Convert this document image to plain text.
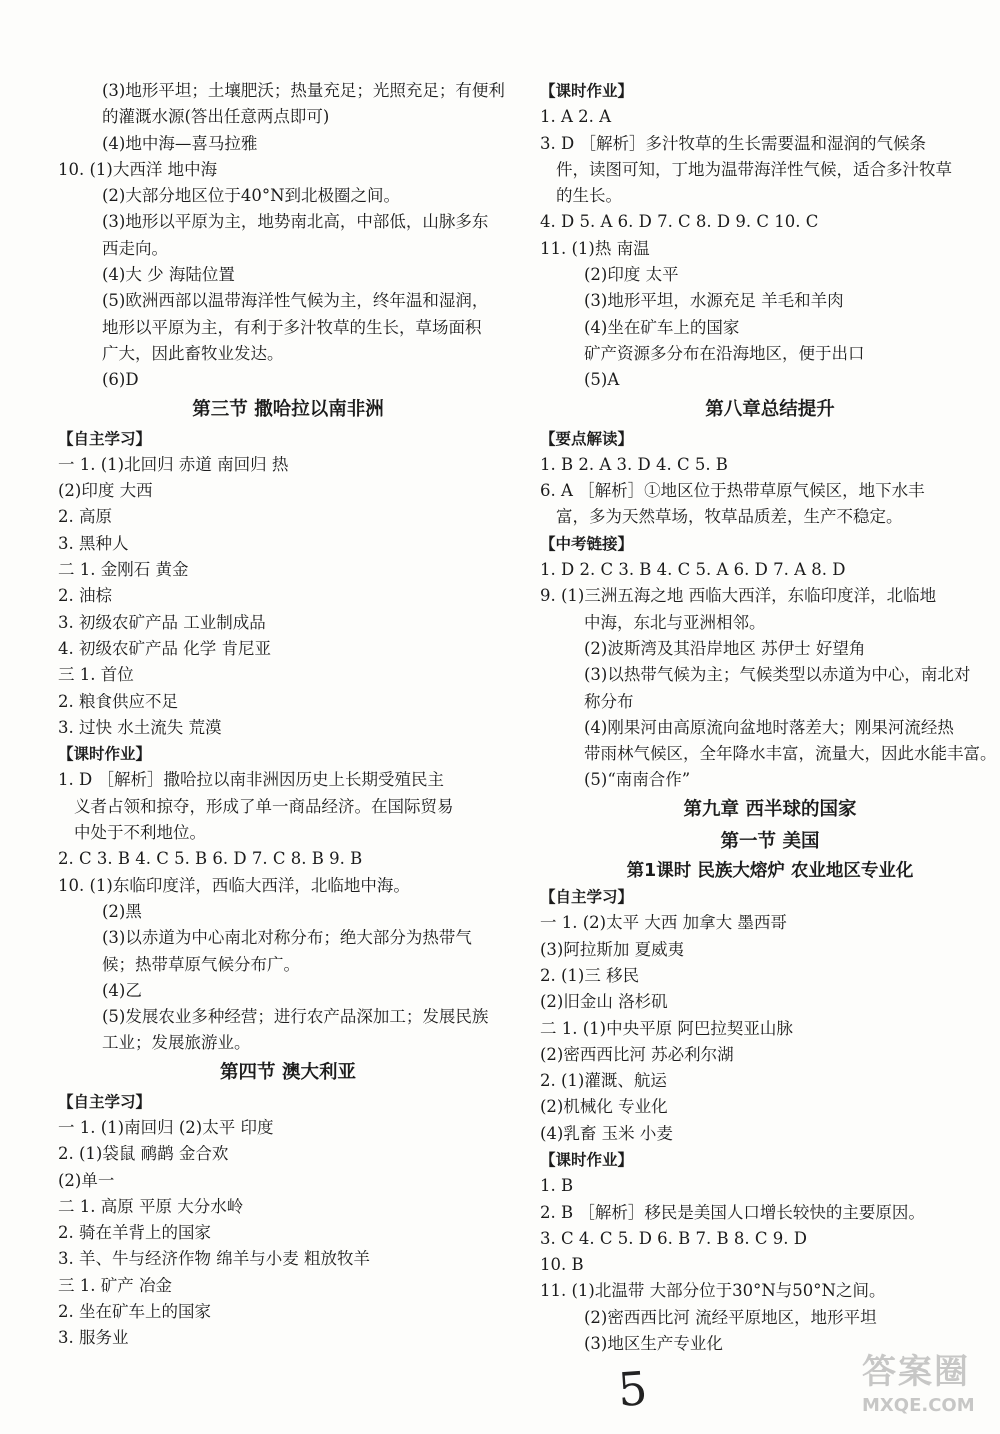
(3)地形平坦；土壤肥沃；热量充足；光照充足；有便利
的灌溉水源(答出任意两点即可)
(4)地中海—喜马拉雅
10. (1)大西洋 地中海
(2)大部分地区位于40°N到北极圈之间。
(3)地形以平原为主，地势南北高，中部低，山脉多东
西走向。
(4)大 少 海陆位置
(5)欧洲西部以温带海洋性气候为主，终年温和湿润，
地形以平原为主，有利于多汁牧草的生长，草场面积
广大，因此畜牧业发达。
(6)D
第三节 撒哈拉以南非洲
【自主学习】
一 1. (1)北回归 赤道 南回归 热
(2)印度 大西
2. 高原
3. 黑种人
二 1. 金刚石 黄金
2. 油棕
3. 初级农矿产品 工业制成品
4. 初级农矿产品 化学 肯尼亚
三 1. 首位
2. 粮食供应不足
3. 过快 水土流失 荒漠
【课时作业】
1. D ［解析］撒哈拉以南非洲因历史上长期受殖民主
义者占领和掠夺，形成了单一商品经济。在国际贸易
中处于不利地位。
2. C 3. B 4. C 5. B 6. D 7. C 8. B 9. B
10. (1)东临印度洋，西临大西洋，北临地中海。
(2)黑
(3)以赤道为中心南北对称分布；绝大部分为热带气
候；热带草原气候分布广。
(4)乙
(5)发展农业多种经营；进行农产品深加工；发展民族
工业；发展旅游业。
第四节 澳大利亚
【自主学习】
一 1. (1)南回归 (2)太平 印度
2. (1)袋鼠 鸸鹋 金合欢
(2)单一
二 1. 高原 平原 大分水岭
2. 骑在羊背上的国家
3. 羊、牛与经济作物 绵羊与小麦 粗放牧羊
三 1. 矿产 冶金
2. 坐在矿车上的国家
3. 服务业
【课时作业】
1. A 2. A
3. D ［解析］多汁牧草的生长需要温和湿润的气候条
件，读图可知，丁地为温带海洋性气候，适合多汁牧草
的生长。
4. D 5. A 6. D 7. C 8. D 9. C 10. C
11. (1)热 南温
(2)印度 太平
(3)地形平坦，水源充足 羊毛和羊肉
(4)坐在矿车上的国家
矿产资源多分布在沿海地区，便于出口
(5)A
第八章总结提升
【要点解读】
1. B 2. A 3. D 4. C 5. B
6. A ［解析］①地区位于热带草原气候区，地下水丰
富，多为天然草场，牧草品质差，生产不稳定。
【中考链接】
1. D 2. C 3. B 4. C 5. A 6. D 7. A 8. D
9. (1)三洲五海之地 西临大西洋，东临印度洋，北临地
中海，东北与亚洲相邻。
(2)波斯湾及其沿岸地区 苏伊士 好望角
(3)以热带气候为主；气候类型以赤道为中心，南北对
称分布
(4)刚果河由高原流向盆地时落差大；刚果河流经热
带雨林气候区，全年降水丰富，流量大，因此水能丰富。
(5)“南南合作”
第九章 西半球的国家
第一节 美国
第1课时 民族大熔炉 农业地区专业化
【自主学习】
一 1. (2)太平 大西 加拿大 墨西哥
(3)阿拉斯加 夏威夷
2. (1)三 移民
(2)旧金山 洛杉矶
二 1. (1)中央平原 阿巴拉契亚山脉
(2)密西西比河 苏必利尔湖
2. (1)灌溉、航运
(2)机械化 专业化
(4)乳畜 玉米 小麦
【课时作业】
1. B
2. B ［解析］移民是美国人口增长较快的主要原因。
3. C 4. C 5. D 6. B 7. B 8. C 9. D
10. B
11. (1)北温带 大部分位于30°N与50°N之间。
(2)密西西比河 流经平原地区，地形平坦
(3)地区生产专业化
5	答案圈
MXQE.COM
